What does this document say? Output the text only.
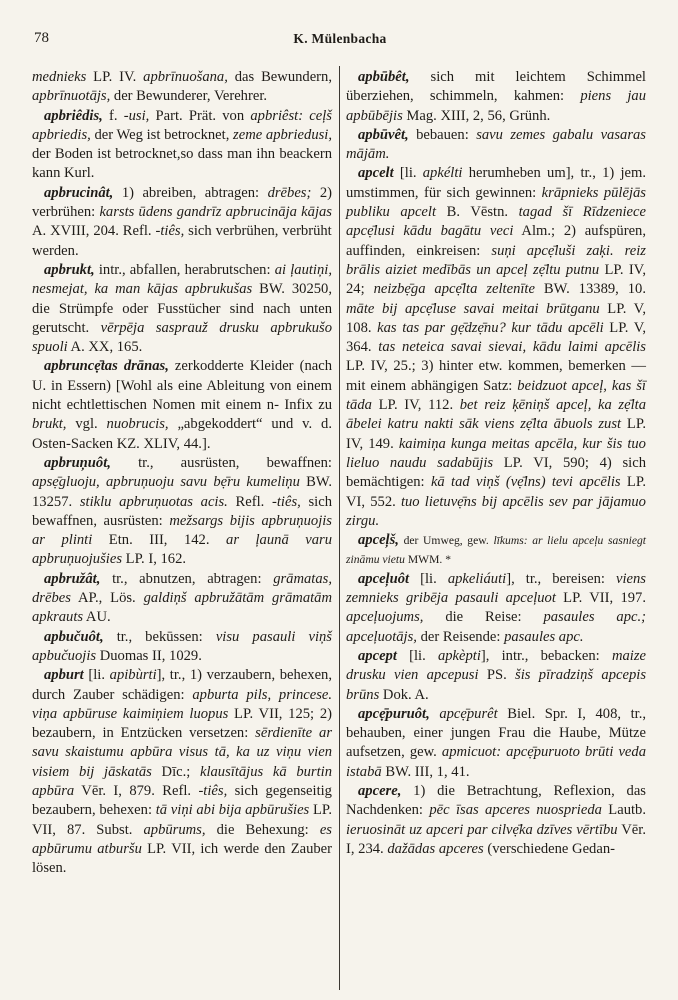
78	K. Mülenbacha

mednieks LP. IV. apbrīnuošana, das Bewundern, apbrīnuotājs, der Bewunderer, Verehrer.

apbriêdis, f. -usi, Part. Prät. von apbriêst: ceļš apbriedis, der Weg ist betrocknet, zeme apbriedusi, der Boden ist betrocknet,so dass man ihn beackern kann Kurl.

apbrucinât, 1) abreiben, abtragen: drēbes; 2) verbrühen: karsts ūdens gandrīz apbrucināja kājas A. XVIII, 204. Refl. -tiês, sich verbrühen, verbrüht werden.

apbrukt, intr., abfallen, herabrutschen: ai ļautiņi, nesmejat, ka man kājas apbrukušas BW. 30250, die Strümpfe oder Fusstücher sind nach unten gerutscht. vērpēja sasprauž drusku apbrukušo spuoli A. XX, 165.

apbruncẹ̄tas drānas, zerkodderte Kleider (nach U. in Essern) [Wohl als eine Ableitung von einem nicht echtlettischen Nomen mit einem n- Infix zu brukt, vgl. nuobrucis, „abgekoddert“ und v. d. Osten-Sacken KZ. XLIV, 44.].

apbruņuôt, tr., ausrüsten, bewaffnen: apsẹ̄gluoju, apbruņuoju savu bẹ̄ru kumeliņu BW. 13257. stiklu apbruņuotas acis. Refl. -tiês, sich bewaffnen, ausrüsten: mežsargs bijis apbruņuojis ar plinti Etn. III, 142. ar ļaunā varu apbruņuojušies LP. I, 162.

apbružât, tr., abnutzen, abtragen: grāmatas, drēbes AP., Lös. galdiņš apbružātām grāmatām apkrauts AU.

apbučuôt, tr., bekūssen: visu pasauli viņš apbučuojis Duomas II, 1029.

apburt [li. apibùrti], tr., 1) verzaubern, behexen, durch Zauber schädigen: apburta pils, princese. viņa apbūruse kaimiņiem luopus LP. VII, 125; 2) bezaubern, in Entzücken versetzen: sērdienīte ar savu skaistumu apbūra visus tā, ka uz viņu vien visiem bij jāskatās Dīc.; klausītājus kā burtin apbūra Vēr. I, 879. Refl. -tiês, sich gegenseitig bezaubern, behexen: tā viņi abi bija apbūrušies LP. VII, 87. Subst. apbūrums, die Behexung: es apbūrumu atburšu LP. VII, ich werde den Zauber lösen.

apbūbêt, sich mit leichtem Schimmel überziehen, schimmeln, kahmen: piens jau apbūbējis Mag. XIII, 2, 56, Grünh.

apbūvêt, bebauen: savu zemes gabalu vasaras mājām.

apcelt [li. apkélti herumheben um], tr., 1) jem. umstimmen, für sich gewinnen: krāpnieks pūlējās publiku apcelt B. Vēstn. tagad šī Rīdzeniece apcẹ̄lusi kādu bagātu veci Alm.; 2) aufspüren, auffinden, einkreisen: suņi apcẹ̄luši zaķi. reiz brālis aiziet medībās un apceļ zẹ̄ltu putnu LP. IV, 24; neizbẹ̄ga apcẹ̄lta zeltenīte BW. 13389, 10. māte bij apcẹ̄luse savai meitai brūtganu LP. V, 108. kas tas par gẹ̄dzẹ̄nu? kur tādu apcēli LP. V, 364. tas neteica savai sievai, kādu laimi apcēlis LP. IV, 25.; 3) hinter etw. kommen, bemerken — mit einem abhängigen Satz: beidzuot apceļ, kas šī tāda LP. IV, 112. bet reiz ķēniņš apceļ, ka zẹ̄lta ābelei katru nakti sāk viens zẹ̄lta ābuols zust LP. IV, 149. kaimiņa kunga meitas apcēla, kur šis tuo lieluo naudu sadabūjis LP. VI, 590; 4) sich bemächtigen: kā tad viņš (vẹ̄lns) tevi apcēlis LP. VI, 552. tuo lietuvẹ̄ns bij apcēlis sev par jājamuo zirgu.

apceļš, der Umweg, gew. līkums: ar lielu apceļu sasniegt zināmu vietu MWM. *

apceļuôt [li. apkeliáuti], tr., bereisen: viens zemnieks gribēja pasauli apceļuot LP. VII, 197. apceļuojums, die Reise: pasaules apc.; apceļuotājs, der Reisende: pasaules apc.

apcept [li. apkèpti], intr., bebacken: maize drusku vien apcepusi PS. šis pīradziņš apcepis brūns Dok. A.

apcẹ̄puruôt, apcẹ̄purêt Biel. Spr. I, 408, tr., behauben, einer jungen Frau die Haube, Mütze aufsetzen, gew. apmicuot: apcẹ̄puruoto brūti veda istabā BW. III, 1, 41.

apcere, 1) die Betrachtung, Reflexion, das Nachdenken: pēc īsas apceres nuosprieda Lautb. ieruosināt uz apceri par cilvẹ̄ka dzīves vērtību Vēr. I, 234. dažādas apceres (verschiedene Gedan-
